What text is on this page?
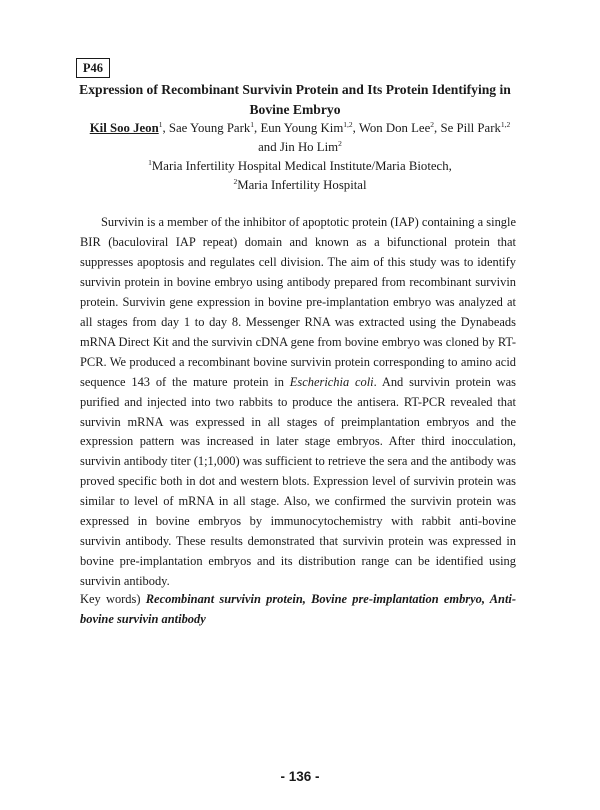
P46
Expression of Recombinant Survivin Protein and Its Protein Identifying in Bovine Embryo
Kil Soo Jeon$^1$, Sae Young Park$^1$, Eun Young Kim$^{1,2}$, Won Don Lee$^2$, Se Pill Park$^{1,2}$
and Jin Ho Lim$^2$
$^1$Maria Infertility Hospital Medical Institute/Maria Biotech,
$^2$Maria Infertility Hospital

Survivin is a member of the inhibitor of apoptotic protein (IAP) containing a single BIR (baculoviral IAP repeat) domain and known as a bifunctional protein that suppresses apoptosis and regulates cell division. The aim of this study was to identify survivin protein in bovine embryo using antibody prepared from recombinant survivin protein. Survivin gene expression in bovine pre-implantation embryo was analyzed at all stages from day 1 to day 8. Messenger RNA was extracted using the Dynabeads mRNA Direct Kit and the survivin cDNA gene from bovine embryo was cloned by RT-PCR. We produced a recombinant bovine survivin protein corresponding to amino acid sequence 143 of the mature protein in Escherichia coli. And survivin protein was purified and injected into two rabbits to produce the antisera. RT-PCR revealed that survivin mRNA was expressed in all stages of preimplantation embryos and the expression pattern was increased in later stage embryos. After third inocculation, survivin antibody titer (1;1,000) was sufficient to retrieve the sera and the antibody was proved specific both in dot and western blots. Expression level of survivin protein was similar to level of mRNA in all stage. Also, we confirmed the survivin protein was expressed in bovine embryos by immunocytochemistry with rabbit anti-bovine survivin antibody. These results demonstrated that survivin protein was expressed in bovine pre-implantation embryos and its distribution range can be identified using survivin antibody.

Key words) Recombinant survivin protein, Bovine pre-implantation embryo, Anti-bovine survivin antibody

- 136 -
